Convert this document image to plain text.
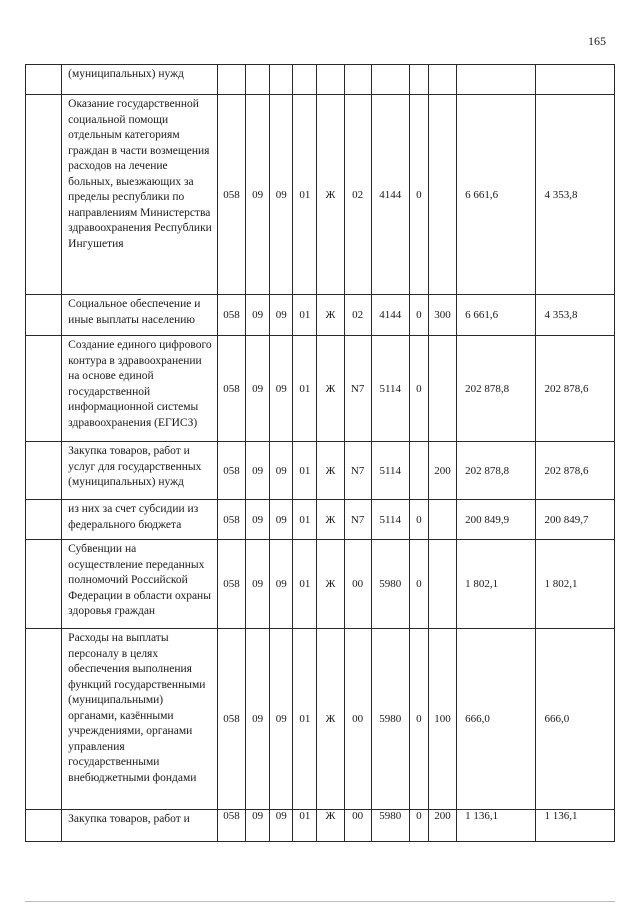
165
	(муниципальных) нужд											
	Оказание государственной социальной помощи отдельным категориям граждан в части возмещения расходов на лечение больных, выезжающих за пределы республики по направлениям Министерства здравоохранения Республики Ингушетия	058	09	09	01	Ж	02	4144	0		6 661,6	4 353,8
	Социальное обеспечение и иные выплаты населению	058	09	09	01	Ж	02	4144	0	300	6 661,6	4 353,8
	Создание единого цифрового контура в здравоохранении на основе единой государственной информационной системы здравоохранения (ЕГИСЗ)	058	09	09	01	Ж	N7	5114	0		202 878,8	202 878,6
	Закупка товаров, работ и услуг для государственных (муниципальных) нужд	058	09	09	01	Ж	N7	5114		200	202 878,8	202 878,6
	из них за счет субсидии из федерального бюджета	058	09	09	01	Ж	N7	5114	0		200 849,9	200 849,7
	Субвенции на осуществление переданных полномочий Российской Федерации в области охраны здоровья граждан	058	09	09	01	Ж	00	5980	0		1 802,1	1 802,1
	Расходы на выплаты персоналу в целях обеспечения выполнения функций государственными (муниципальными) органами, казёнными учреждениями, органами управления государственными внебюджетными фондами	058	09	09	01	Ж	00	5980	0	100	666,0	666,0
	Закупка товаров, работ и	058	09	09	01	Ж	00	5980	0	200	1 136,1	1 136,1
